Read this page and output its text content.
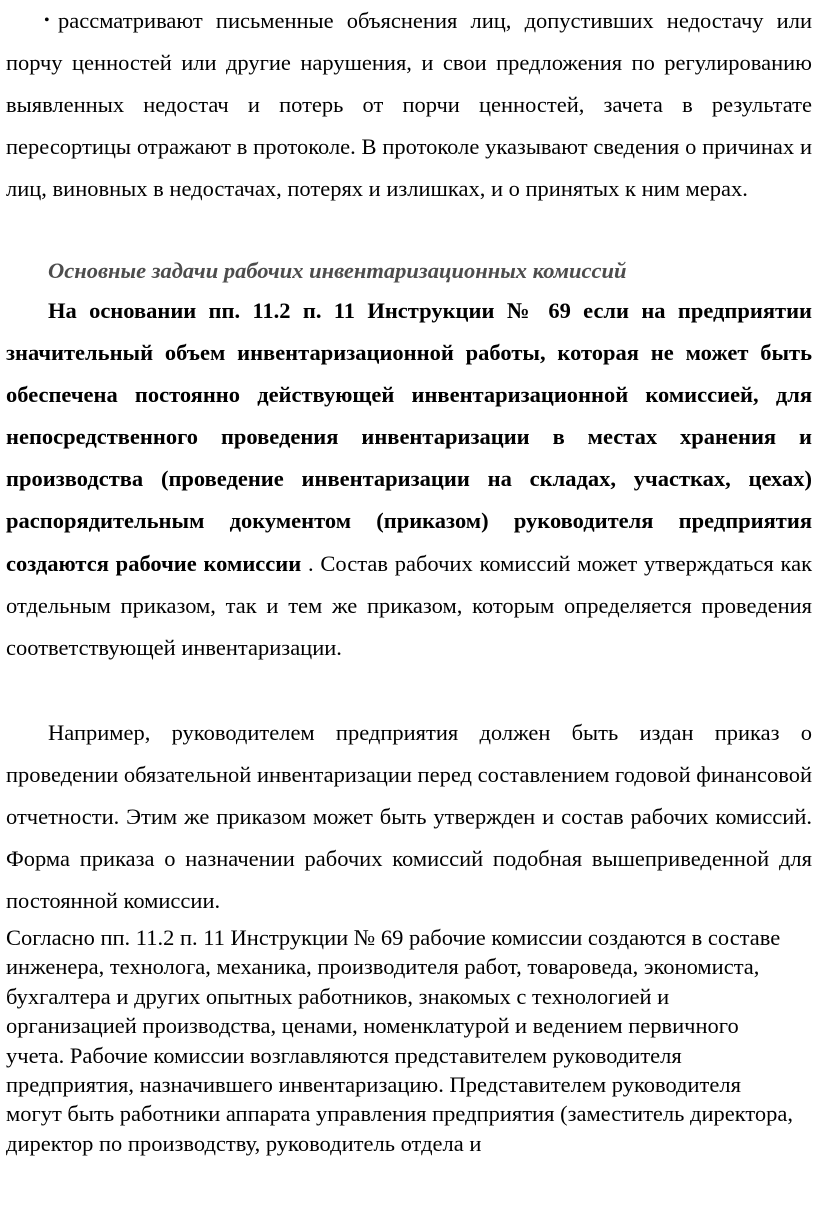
• рассматривают письменные объяснения лиц, допустивших недостачу или порчу ценностей или другие нарушения, и свои предложения по регулированию выявленных недостач и потерь от порчи ценностей, зачета в результате пересортицы отражают в протоколе. В протоколе указывают сведения о причинах и лиц, виновных в недостачах, потерях и излишках, и о принятых к ним мерах.

Основные задачи рабочих инвентаризационных комиссий

На основании пп. 11.2 п. 11 Инструкции № 69 если на предприятии значительный объем инвентаризационной работы, которая не может быть обеспечена постоянно действующей инвентаризационной комиссией, для непосредственного проведения инвентаризации в местах хранения и производства (проведение инвентаризации на складах, участках, цехах) распорядительным документом (приказом) руководителя предприятия создаются рабочие комиссии . Состав рабочих комиссий может утверждаться как отдельным приказом, так и тем же приказом, которым определяется проведения соответствующей инвентаризации.

Например, руководителем предприятия должен быть издан приказ о проведении обязательной инвентаризации перед составлением годовой финансовой отчетности. Этим же приказом может быть утвержден и состав рабочих комиссий. Форма приказа о назначении рабочих комиссий подобная вышеприведенной для постоянной комиссии.

Согласно пп. 11.2 п. 11 Инструкции № 69 рабочие комиссии создаются в составе инженера, технолога, механика, производителя работ, товароведа, экономиста, бухгалтера и других опытных работников, знакомых с технологией и организацией производства, ценами, номенклатурой и ведением первичного учета. Рабочие комиссии возглавляются представителем руководителя предприятия, назначившего инвентаризацию. Представителем руководителя могут быть работники аппарата управления предприятия (заместитель директора, директор по производству, руководитель отдела и
